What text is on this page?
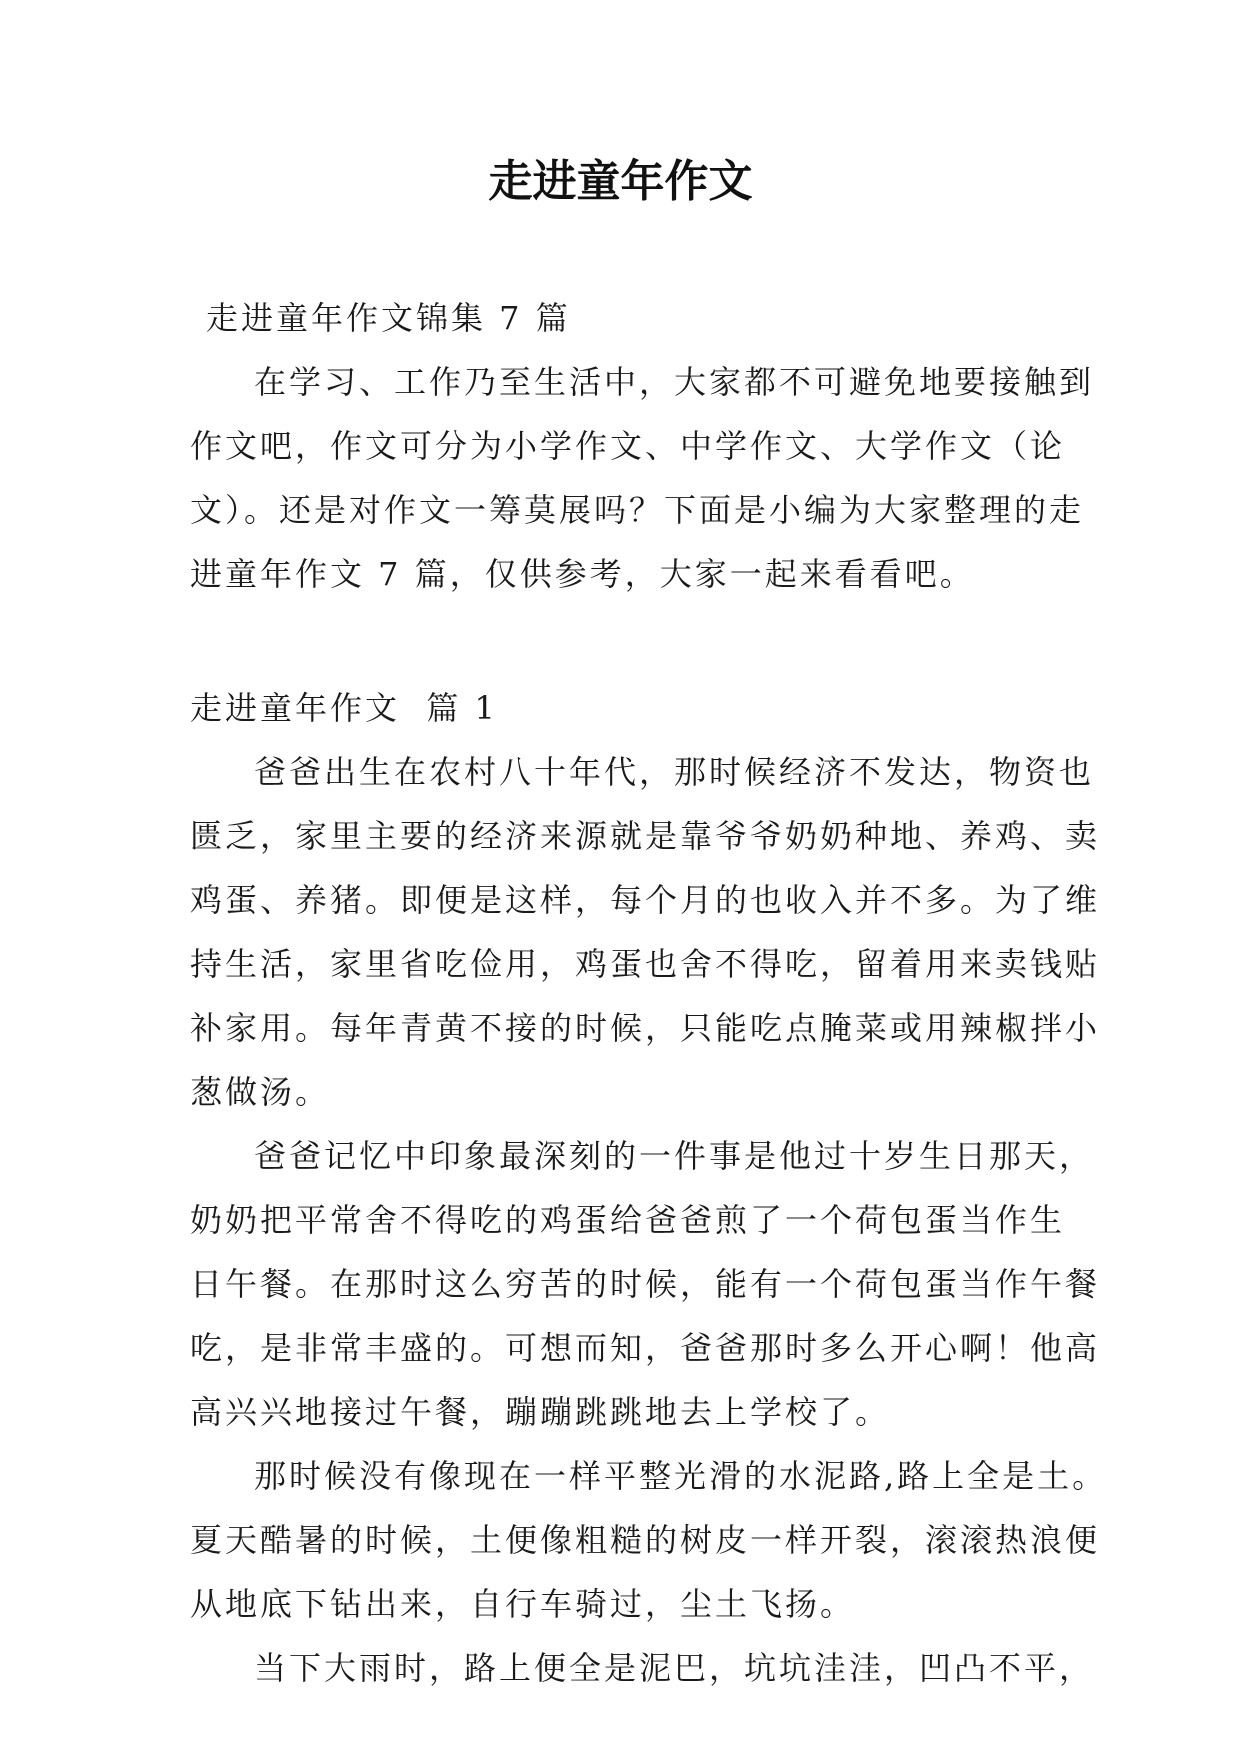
走进童年作文

走进童年作文锦集 7 篇

在学习、工作乃至生活中，大家都不可避免地要接触到

作文吧，作文可分为小学作文、中学作文、大学作文（论

文）。还是对作文一筹莫展吗？下面是小编为大家整理的走

进童年作文 7 篇，仅供参考，大家一起来看看吧。

走进童年作文  篇 1

爸爸出生在农村八十年代，那时候经济不发达，物资也

匮乏，家里主要的经济来源就是靠爷爷奶奶种地、养鸡、卖

鸡蛋、养猪。即便是这样，每个月的也收入并不多。为了维

持生活，家里省吃俭用，鸡蛋也舍不得吃，留着用来卖钱贴

补家用。每年青黄不接的时候，只能吃点腌菜或用辣椒拌小

葱做汤。

爸爸记忆中印象最深刻的一件事是他过十岁生日那天，

奶奶把平常舍不得吃的鸡蛋给爸爸煎了一个荷包蛋当作生

日午餐。在那时这么穷苦的时候，能有一个荷包蛋当作午餐

吃，是非常丰盛的。可想而知，爸爸那时多么开心啊！他高

高兴兴地接过午餐，蹦蹦跳跳地去上学校了。

那时候没有像现在一样平整光滑的水泥路,路上全是土。

夏天酷暑的时候，土便像粗糙的树皮一样开裂，滚滚热浪便

从地底下钻出来，自行车骑过，尘土飞扬。

当下大雨时，路上便全是泥巴，坑坑洼洼，凹凸不平，
